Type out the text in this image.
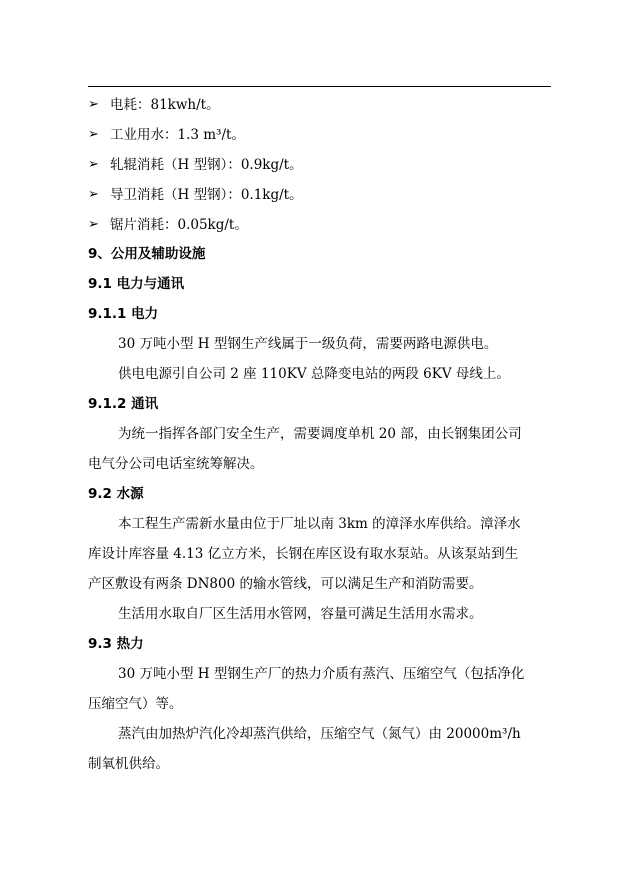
➢ 电耗：81kwh/t。
➢ 工业用水：1.3 m³/t。
➢ 轧辊消耗（H 型钢）：0.9kg/t。
➢ 导卫消耗（H 型钢）：0.1kg/t。
➢ 锯片消耗：0.05kg/t。
9、公用及辅助设施
9.1 电力与通讯
9.1.1 电力
30 万吨小型 H 型钢生产线属于一级负荷，需要两路电源供电。
供电电源引自公司 2 座 110KV 总降变电站的两段 6KV 母线上。
9.1.2 通讯
为统一指挥各部门安全生产，需要调度单机 20 部，由长钢集团公司
电气分公司电话室统筹解决。
9.2 水源
本工程生产需新水量由位于厂址以南 3km 的漳泽水库供给。漳泽水
库设计库容量 4.13 亿立方米，长钢在库区设有取水泵站。从该泵站到生
产区敷设有两条 DN800 的输水管线，可以满足生产和消防需要。
生活用水取自厂区生活用水管网，容量可满足生活用水需求。
9.3 热力
30 万吨小型 H 型钢生产厂的热力介质有蒸汽、压缩空气（包括净化
压缩空气）等。
蒸汽由加热炉汽化冷却蒸汽供给，压缩空气（氮气）由 20000m³/h
制氧机供给。
